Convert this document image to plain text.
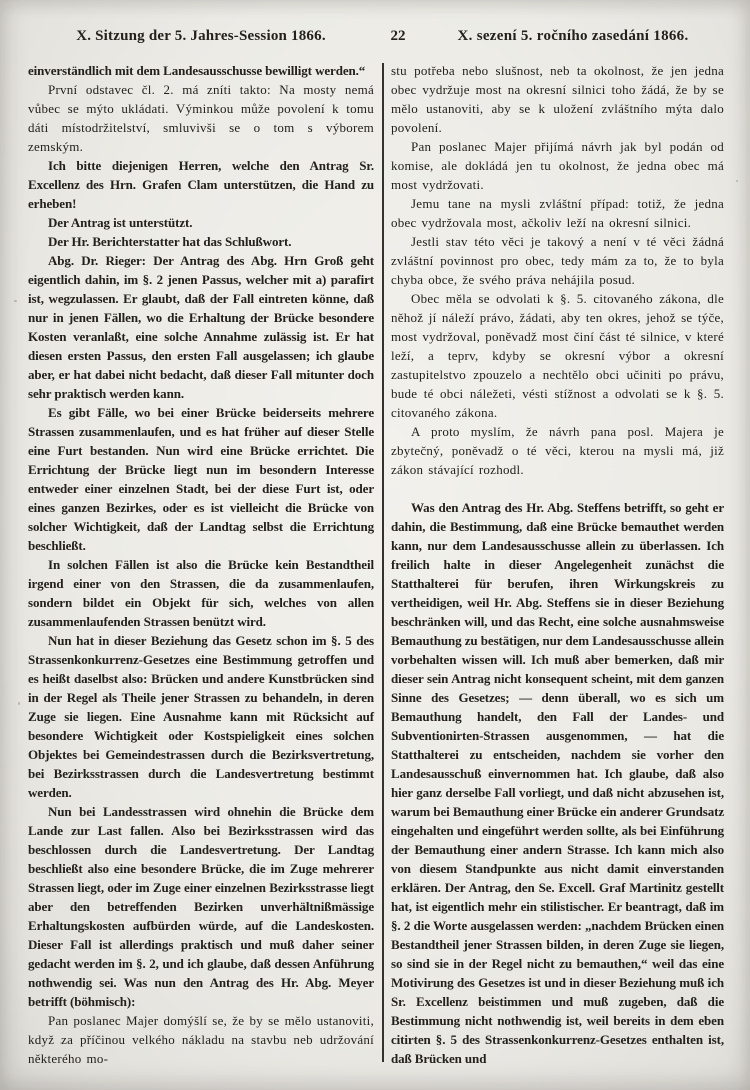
X. Sitzung der 5. Jahres-Session 1866.	22	X. sezení 5. ročního zasedání 1866.

einverständlich mit dem Landesausschusse bewilligt werden.“

První odstavec čl. 2. má zníti takto: Na mosty nemá vůbec se mýto ukládati. Výminkou může povolení k tomu dáti místodržitelství, smluvivši se o tom s výborem zemským.

Ich bitte diejenigen Herren, welche den Antrag Sr. Excellenz des Hrn. Grafen Clam unterstützen, die Hand zu erheben!

Der Antrag ist unterstützt.

Der Hr. Berichterstatter hat das Schlußwort.

Abg. Dr. Rieger: Der Antrag des Abg. Hrn Groß geht eigentlich dahin, im §. 2 jenen Passus, welcher mit a) parafirt ist, wegzulassen. Er glaubt, daß der Fall eintreten könne, daß nur in jenen Fällen, wo die Erhaltung der Brücke besondere Kosten veranlaßt, eine solche Annahme zulässig ist. Er hat diesen ersten Passus, den ersten Fall ausgelassen; ich glaube aber, er hat dabei nicht bedacht, daß dieser Fall mitunter doch sehr praktisch werden kann.

Es gibt Fälle, wo bei einer Brücke beiderseits mehrere Strassen zusammenlaufen, und es hat früher auf dieser Stelle eine Furt bestanden. Nun wird eine Brücke errichtet. Die Errichtung der Brücke liegt nun im besondern Interesse entweder einer einzelnen Stadt, bei der diese Furt ist, oder eines ganzen Bezirkes, oder es ist vielleicht die Brücke von solcher Wichtigkeit, daß der Landtag selbst die Errichtung beschließt.

In solchen Fällen ist also die Brücke kein Bestandtheil irgend einer von den Strassen, die da zusammenlaufen, sondern bildet ein Objekt für sich, welches von allen zusammenlaufenden Strassen benützt wird.

Nun hat in dieser Beziehung das Gesetz schon im §. 5 des Strassenkonkurrenz-Gesetzes eine Bestimmung getroffen und es heißt daselbst also: Brücken und andere Kunstbrücken sind in der Regel als Theile jener Strassen zu behandeln, in deren Zuge sie liegen. Eine Ausnahme kann mit Rücksicht auf besondere Wichtigkeit oder Kostspieligkeit eines solchen Objektes bei Gemeindestrassen durch die Bezirksvertretung, bei Bezirksstrassen durch die Landesvertretung bestimmt werden.

Nun bei Landesstrassen wird ohnehin die Brücke dem Lande zur Last fallen. Also bei Bezirksstrassen wird das beschlossen durch die Landesvertretung. Der Landtag beschließt also eine besondere Brücke, die im Zuge mehrerer Strassen liegt, oder im Zuge einer einzelnen Bezirksstrasse liegt aber den betreffenden Bezirken unverhältnißmässige Erhaltungskosten aufbürden würde, auf die Landeskosten. Dieser Fall ist allerdings praktisch und muß daher seiner gedacht werden im §. 2, und ich glaube, daß dessen Anführung nothwendig sei. Was nun den Antrag des Hr. Abg. Meyer betrifft (böhmisch):

Pan poslanec Majer domýšlí se, že by se mělo ustanoviti, když za příčinou velkého nákladu na stavbu neb udržování některého mo-

stu potřeba nebo slušnost, neb ta okolnost, že jen jedna obec vydržuje most na okresní silnici toho žádá, že by se mělo ustanoviti, aby se k uložení zvláštního mýta dalo povolení.

Pan poslanec Majer přijímá návrh jak byl podán od komise, ale dokládá jen tu okolnost, že jedna obec má most vydržovati.

Jemu tane na mysli zvláštní případ: totiž, že jedna obec vydržovala most, ačkoliv leží na okresní silnici.

Jestli stav této věci je takový a není v té věci žádná zvláštní povinnost pro obec, tedy mám za to, že to byla chyba obce, že svého práva nehájila posud.

Obec měla se odvolati k §. 5. citovaného zákona, dle něhož jí náleží právo, žádati, aby ten okres, jehož se týče, most vydržoval, poněvadž most činí část té silnice, v které leží, a teprv, kdyby se okresní výbor a okresní zastupitelstvo zpouzelo a nechtělo obci učiniti po právu, bude té obci náležeti, vésti stížnost a odvolati se k §. 5. citovaného zákona.

A proto myslím, že návrh pana posl. Majera je zbytečný, poněvadž o té věci, kterou na mysli má, již zákon stávající rozhodl.

Was den Antrag des Hr. Abg. Steffens betrifft, so geht er dahin, die Bestimmung, daß eine Brücke bemauthet werden kann, nur dem Landesausschusse allein zu überlassen. Ich freilich halte in dieser Angelegenheit zunächst die Statthalterei für berufen, ihren Wirkungskreis zu vertheidigen, weil Hr. Abg. Steffens sie in dieser Beziehung beschränken will, und das Recht, eine solche ausnahmsweise Bemauthung zu bestätigen, nur dem Landesausschusse allein vorbehalten wissen will. Ich muß aber bemerken, daß mir dieser sein Antrag nicht konsequent scheint, mit dem ganzen Sinne des Gesetzes; — denn überall, wo es sich um Bemauthung handelt, den Fall der Landes- und Subventionirten-Strassen ausgenommen, — hat die Statthalterei zu entscheiden, nachdem sie vorher den Landesausschuß einvernommen hat. Ich glaube, daß also hier ganz derselbe Fall vorliegt, und daß nicht abzusehen ist, warum bei Bemauthung einer Brücke ein anderer Grundsatz eingehalten und eingeführt werden sollte, als bei Einführung der Bemauthung einer andern Strasse. Ich kann mich also von diesem Standpunkte aus nicht damit einverstanden erklären. Der Antrag, den Se. Excell. Graf Martinitz gestellt hat, ist eigentlich mehr ein stilistischer. Er beantragt, daß im §. 2 die Worte ausgelassen werden: „nachdem Brücken einen Bestandtheil jener Strassen bilden, in deren Zuge sie liegen, so sind sie in der Regel nicht zu bemauthen,“ weil das eine Motivirung des Gesetzes ist und in dieser Beziehung muß ich Sr. Excellenz beistimmen und muß zugeben, daß die Bestimmung nicht nothwendig ist, weil bereits in dem eben citirten §. 5 des Strassenkonkurrenz-Gesetzes enthalten ist, daß Brücken und
